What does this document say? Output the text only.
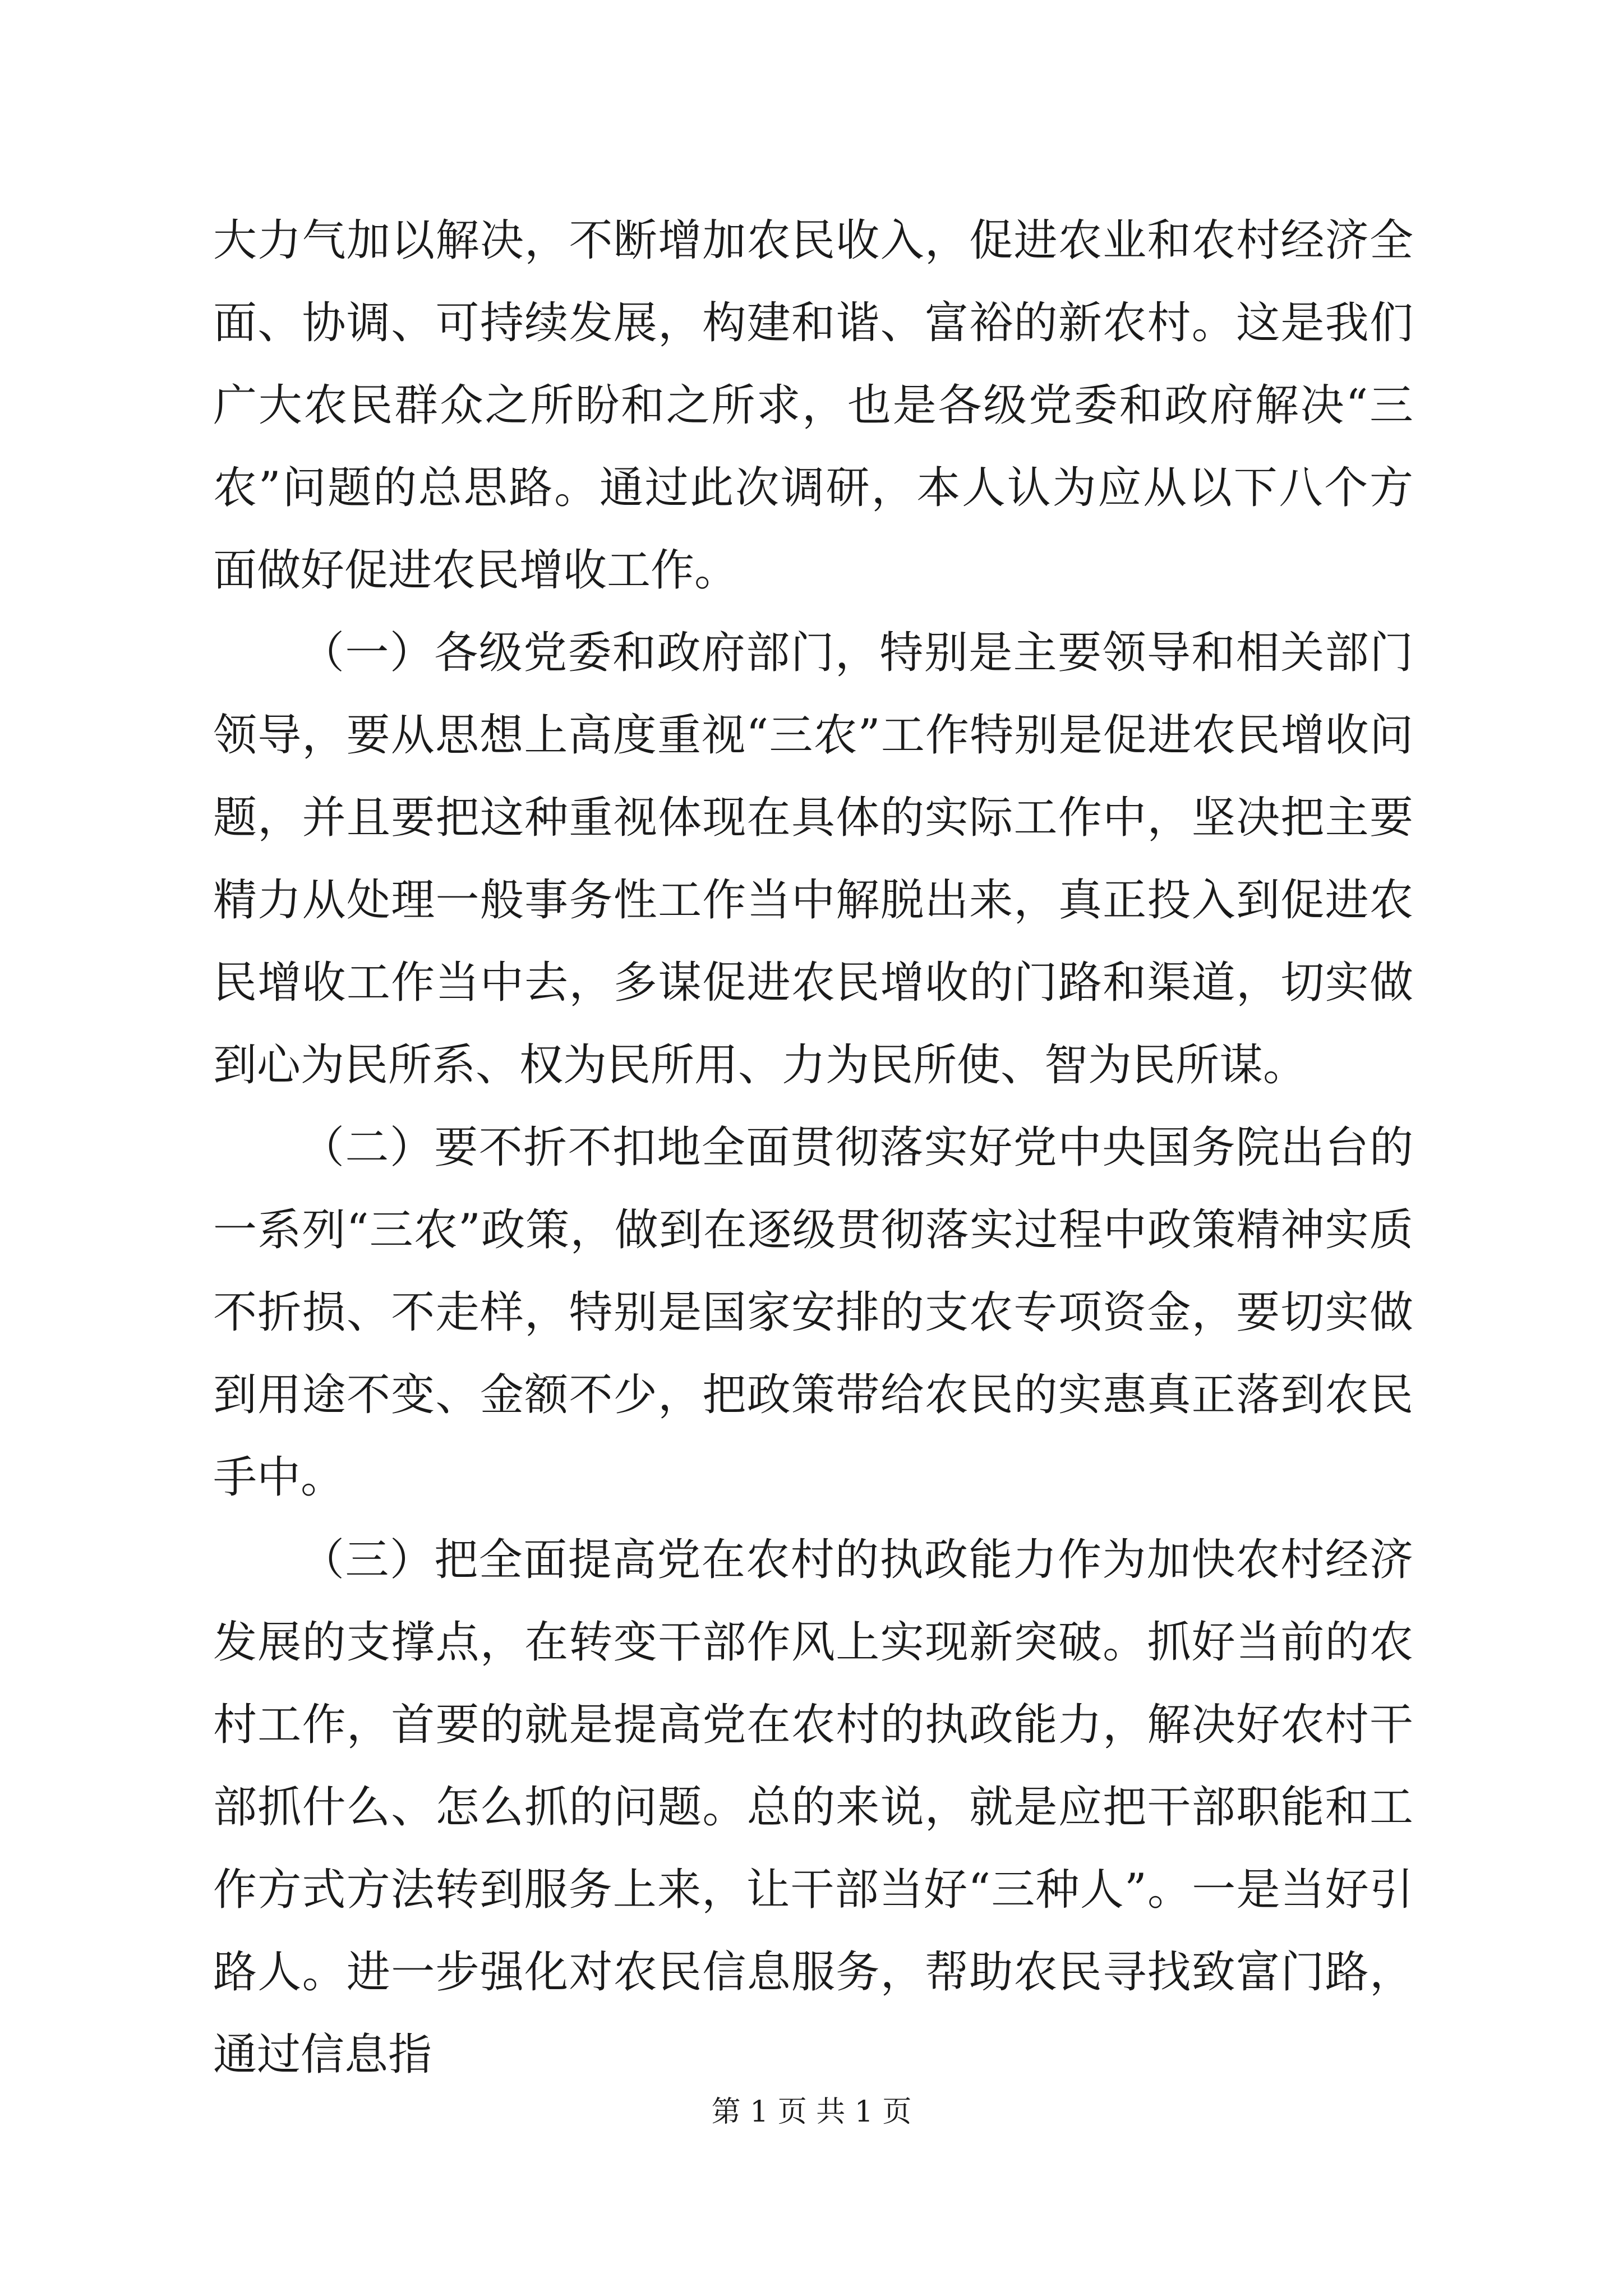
大力气加以解决，不断增加农民收入，促进农业和农村经济全面、协调、可持续发展，构建和谐、富裕的新农村。这是我们广大农民群众之所盼和之所求，也是各级党委和政府解决“三农”问题的总思路。通过此次调研，本人认为应从以下八个方面做好促进农民增收工作。

（一）各级党委和政府部门，特别是主要领导和相关部门领导，要从思想上高度重视“三农”工作特别是促进农民增收问题，并且要把这种重视体现在具体的实际工作中，坚决把主要精力从处理一般事务性工作当中解脱出来，真正投入到促进农民增收工作当中去，多谋促进农民增收的门路和渠道，切实做到心为民所系、权为民所用、力为民所使、智为民所谋。

（二）要不折不扣地全面贯彻落实好党中央国务院出台的一系列“三农”政策，做到在逐级贯彻落实过程中政策精神实质不折损、不走样，特别是国家安排的支农专项资金，要切实做到用途不变、金额不少，把政策带给农民的实惠真正落到农民手中。

（三）把全面提高党在农村的执政能力作为加快农村经济发展的支撑点，在转变干部作风上实现新突破。抓好当前的农村工作，首要的就是提高党在农村的执政能力，解决好农村干部抓什么、怎么抓的问题。总的来说，就是应把干部职能和工作方式方法转到服务上来，让干部当好“三种人”。一是当好引路人。进一步强化对农民信息服务，帮助农民寻找致富门路，通过信息指

第 1 页 共 1 页
